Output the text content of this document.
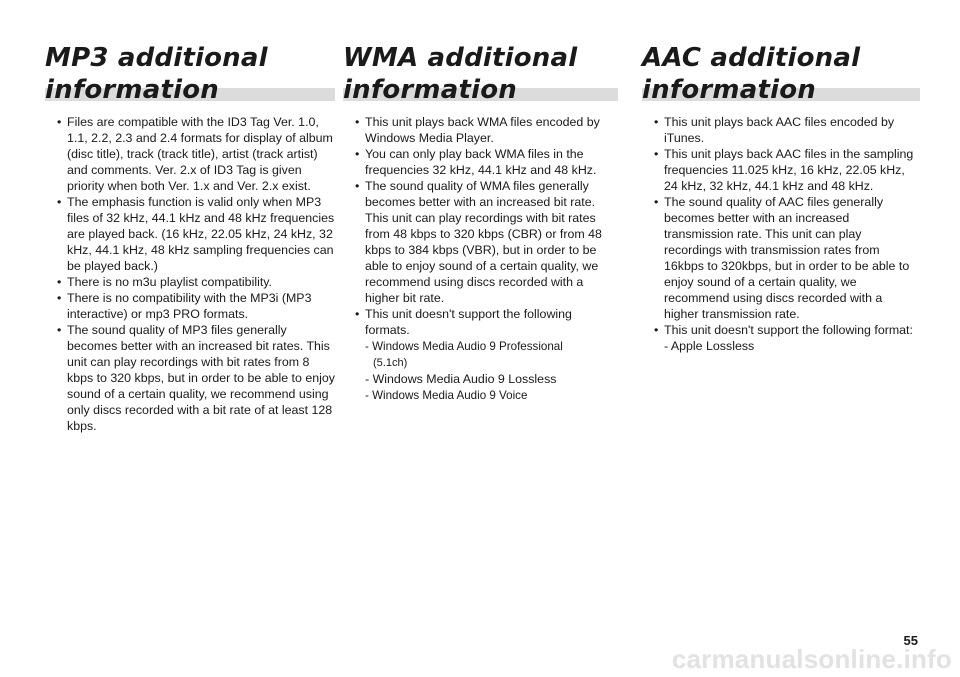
MP3 additional
information
• Files are compatible with the ID3 Tag Ver. 1.0, 1.1, 2.2, 2.3 and 2.4 formats for display of album (disc title), track (track title), artist (track artist) and comments. Ver. 2.x of ID3 Tag is given priority when both Ver. 1.x and Ver. 2.x exist.
• The emphasis function is valid only when MP3 files of 32 kHz, 44.1 kHz and 48 kHz frequencies are played back. (16 kHz, 22.05 kHz, 24 kHz, 32 kHz, 44.1 kHz, 48 kHz sampling frequencies can be played back.)
• There is no m3u playlist compatibility.
• There is no compatibility with the MP3i (MP3 interactive) or mp3 PRO formats.
• The sound quality of MP3 files generally becomes better with an increased bit rates. This unit can play recordings with bit rates from 8 kbps to 320 kbps, but in order to be able to enjoy sound of a certain quality, we recommend using only discs recorded with a bit rate of at least 128 kbps.
WMA additional
information
• This unit plays back WMA files encoded by Windows Media Player.
• You can only play back WMA files in the frequencies 32 kHz, 44.1 kHz and 48 kHz.
• The sound quality of WMA files generally becomes better with an increased bit rate. This unit can play recordings with bit rates from 48 kbps to 320 kbps (CBR) or from 48 kbps to 384 kbps (VBR), but in order to be able to enjoy sound of a certain quality, we recommend using discs recorded with a higher bit rate.
• This unit doesn't support the following formats.
- Windows Media Audio 9 Professional
(5.1ch)
- Windows Media Audio 9 Lossless
- Windows Media Audio 9 Voice
AAC additional
information
• This unit plays back AAC files encoded by iTunes.
• This unit plays back AAC files in the sampling frequencies 11.025 kHz, 16 kHz, 22.05 kHz, 24 kHz, 32 kHz, 44.1 kHz and 48 kHz.
• The sound quality of AAC files generally becomes better with an increased transmission rate. This unit can play recordings with transmission rates from 16kbps to 320kbps, but in order to be able to enjoy sound of a certain quality, we recommend using discs recorded with a higher transmission rate.
• This unit doesn't support the following format:
- Apple Lossless
55
carmanualsonline.info
